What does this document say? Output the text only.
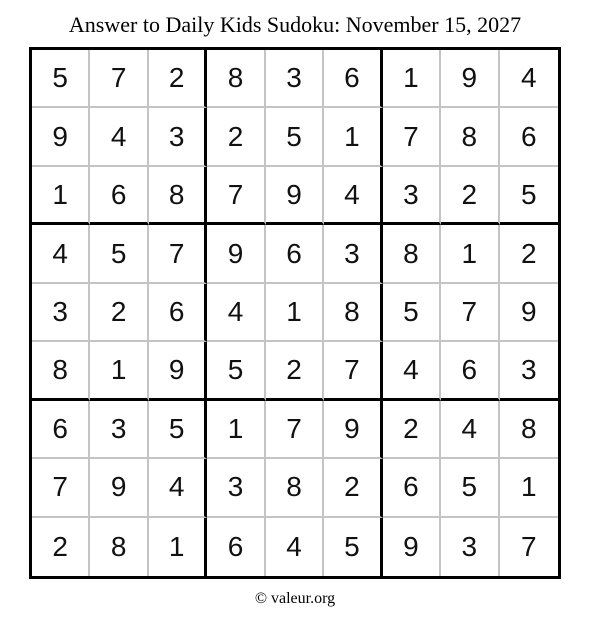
Answer to Daily Kids Sudoku: November 15, 2027
5	7	2	8	3	6	1	9	4
9	4	3	2	5	1	7	8	6
1	6	8	7	9	4	3	2	5
4	5	7	9	6	3	8	1	2
3	2	6	4	1	8	5	7	9
8	1	9	5	2	7	4	6	3
6	3	5	1	7	9	2	4	8
7	9	4	3	8	2	6	5	1
2	8	1	6	4	5	9	3	7
© valeur.org
